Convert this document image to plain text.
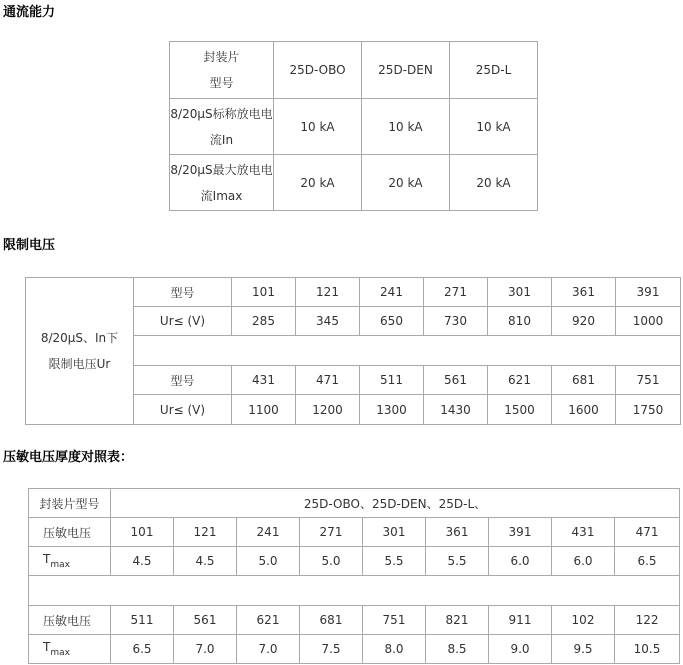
通流能力
封装片
型号	25D-OBO	25D-DEN	25D-L
8/20μS标称放电电
流In	10 kA	10 kA	10 kA
8/20μS最大放电电
流Imax	20 kA	20 kA	20 kA
限制电压
8/20μS、In下
限制电压Ur	型号	101	121	241	271	301	361	391
	Ur≤ (V)	285	345	650	730	810	920	1000

	型号	431	471	511	561	621	681	751
	Ur≤ (V)	1100	1200	1300	1430	1500	1600	1750
压敏电压厚度对照表：
封装片型号	25D-OBO、25D-DEN、25D-L、								
压敏电压	101	121	241	271	301	361	391	431	471
$T_{max}$	4.5	4.5	5.0	5.0	5.5	5.5	6.0	6.0	6.5

压敏电压	511	561	621	681	751	821	911	102	122
$T_{max}$	6.5	7.0	7.0	7.5	8.0	8.5	9.0	9.5	10.5
